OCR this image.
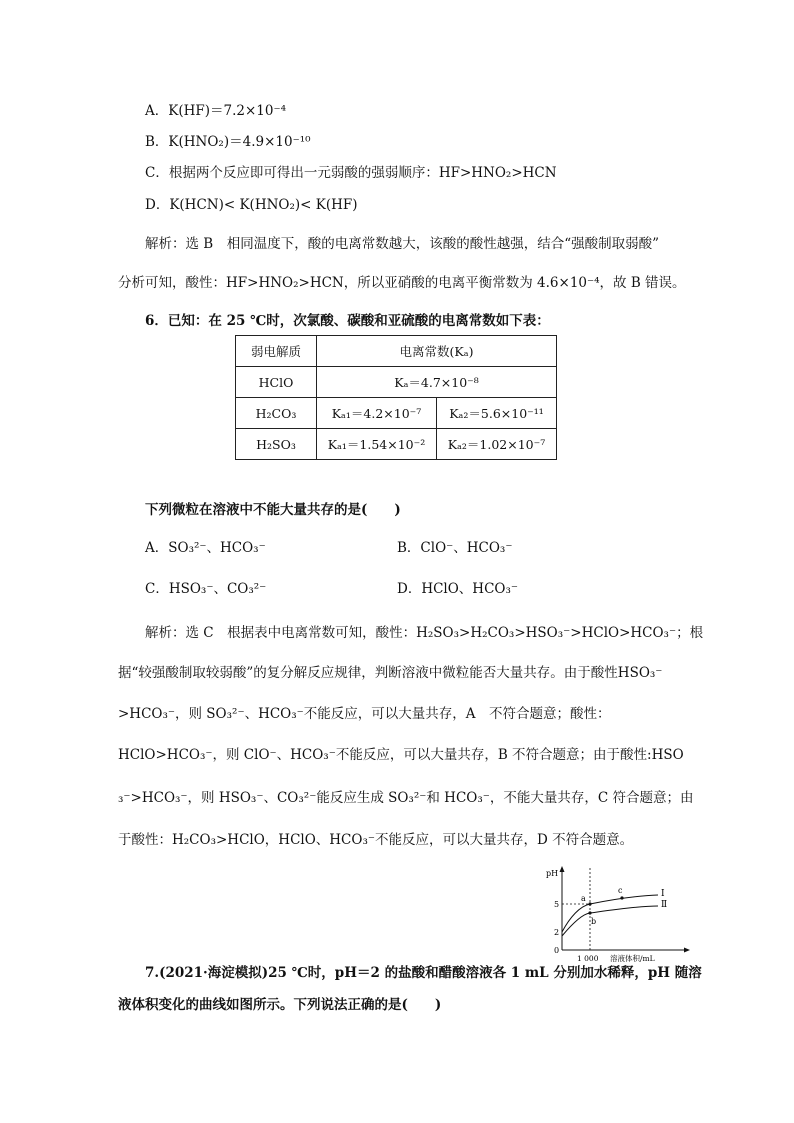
A．K(HF)＝7.2×10⁻⁴
B．K(HNO₂)＝4.9×10⁻¹⁰
C．根据两个反应即可得出一元弱酸的强弱顺序：HF>HNO₂>HCN
D．K(HCN)< K(HNO₂)< K(HF)
解析：选 B　相同温度下，酸的电离常数越大，该酸的酸性越强，结合“强酸制取弱酸”
分析可知，酸性：HF>HNO₂>HCN，所以亚硝酸的电离平衡常数为 4.6×10⁻⁴，故 B 错误。
6．已知：在 25 ℃时，次氯酸、碳酸和亚硫酸的电离常数如下表：
弱电解质	电离常数(Kₐ)	
HClO	Kₐ＝4.7×10⁻⁸	
H₂CO₃	Kₐ₁＝4.2×10⁻⁷	Kₐ₂＝5.6×10⁻¹¹
H₂SO₃	Kₐ₁＝1.54×10⁻²	Kₐ₂＝1.02×10⁻⁷
下列微粒在溶液中不能大量共存的是(　　)
A．SO₃²⁻、HCO₃⁻	B．ClO⁻、HCO₃⁻
C．HSO₃⁻、CO₃²⁻	D．HClO、HCO₃⁻
解析：选 C　根据表中电离常数可知，酸性：H₂SO₃>H₂CO₃>HSO₃⁻>HClO>HCO₃⁻；根
据“较强酸制取较弱酸”的复分解反应规律，判断溶液中微粒能否大量共存。由于酸性HSO₃⁻
>HCO₃⁻，则 SO₃²⁻、HCO₃⁻不能反应，可以大量共存，A　不符合题意；酸性：
HClO>HCO₃⁻，则 ClO⁻、HCO₃⁻不能反应，可以大量共存，B 不符合题意；由于酸性:HSO
₃⁻>HCO₃⁻，则 HSO₃⁻、CO₃²⁻能反应生成 SO₃²⁻和 HCO₃⁻，不能大量共存，C 符合题意；由
于酸性：H₂CO₃>HClO，HClO、HCO₃⁻不能反应，可以大量共存，D 不符合题意。
pH
溶液体积/mL
0
2
5
1 000
a
b
c	Ⅰ
Ⅱ
7.(2021·海淀模拟)25 ℃时，pH＝2 的盐酸和醋酸溶液各 1 mL 分别加水稀释，pH 随溶
液体积变化的曲线如图所示。下列说法正确的是(　　)
